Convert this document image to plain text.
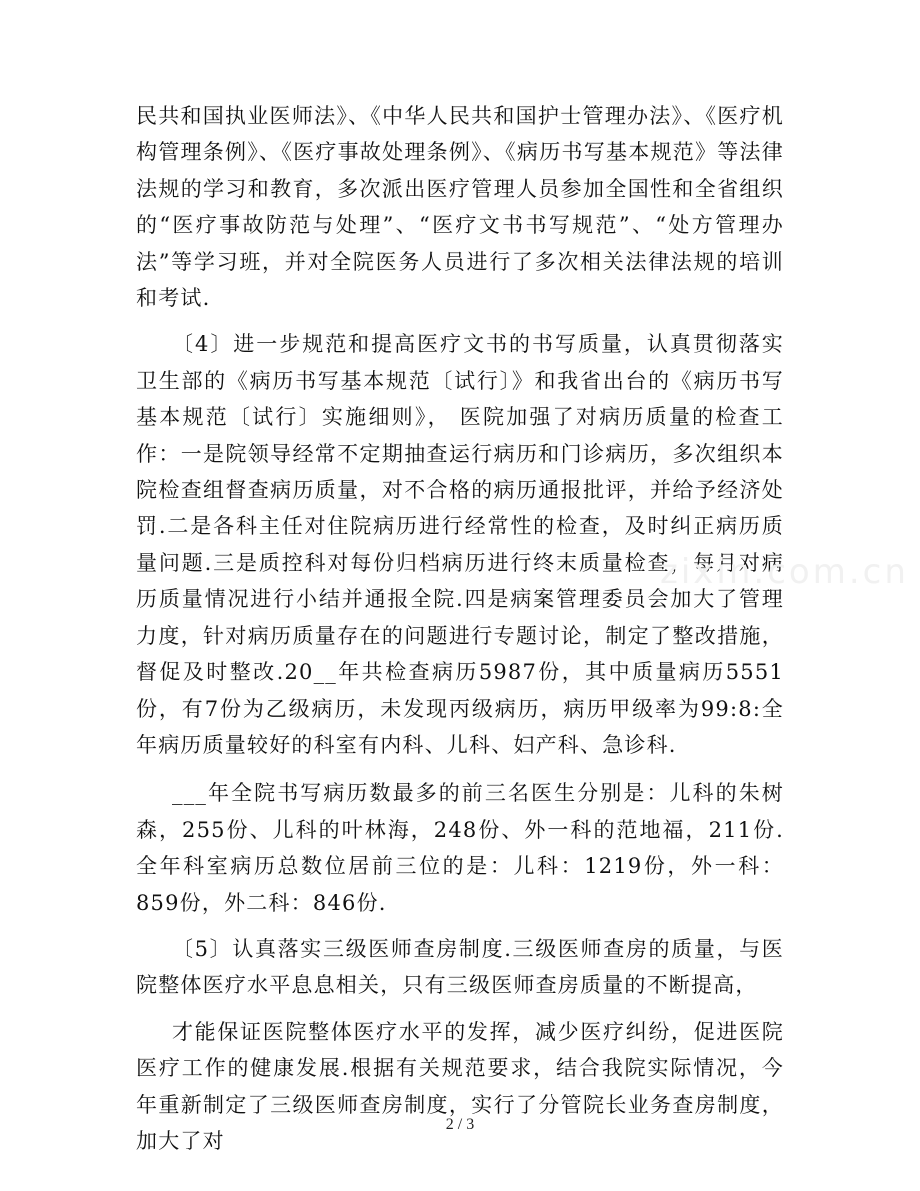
民共和国执业医师法》、《中华人民共和国护士管理办法》、《医疗机构管理条例》、《医疗事故处理条例》、《病历书写基本规范》等法律法规的学习和教育，多次派出医疗管理人员参加全国性和全省组织的“医疗事故防范与处理”、“医疗文书书写规范”、“处方管理办法”等学习班，并对全院医务人员进行了多次相关法律法规的培训和考试.

〔4〕进一步规范和提高医疗文书的书写质量，认真贯彻落实卫生部的《病历书写基本规范〔试行〕》和我省出台的《病历书写基本规范〔试行〕实施细则》， 医院加强了对病历质量的检查工作：一是院领导经常不定期抽查运行病历和门诊病历，多次组织本院检查组督查病历质量，对不合格的病历通报批评，并给予经济处罚.二是各科主任对住院病历进行经常性的检查，及时纠正病历质量问题.三是质控科对每份归档病历进行终末质量检查，每月对病历质量情况进行小结并通报全院.四是病案管理委员会加大了管理力度，针对病历质量存在的问题进行专题讨论，制定了整改措施，督促及时整改.20__年共检查病历5987份，其中质量病历5551份，有7份为乙级病历，未发现丙级病历，病历甲级率为99:8:全年病历质量较好的科室有内科、儿科、妇产科、急诊科.

___年全院书写病历数最多的前三名医生分别是：儿科的朱树森，255份、儿科的叶林海，248份、外一科的范地福，211份.全年科室病历总数位居前三位的是：儿科：1219份，外一科：859份，外二科：846份.

〔5〕认真落实三级医师查房制度.三级医师查房的质量，与医院整体医疗水平息息相关，只有三级医师查房质量的不断提高，

才能保证医院整体医疗水平的发挥，减少医疗纠纷，促进医院医疗工作的健康发展.根据有关规范要求，结合我院实际情况，今年重新制定了三级医师查房制度，实行了分管院长业务查房制度，加大了对

zixin.com.cn
2 / 3
